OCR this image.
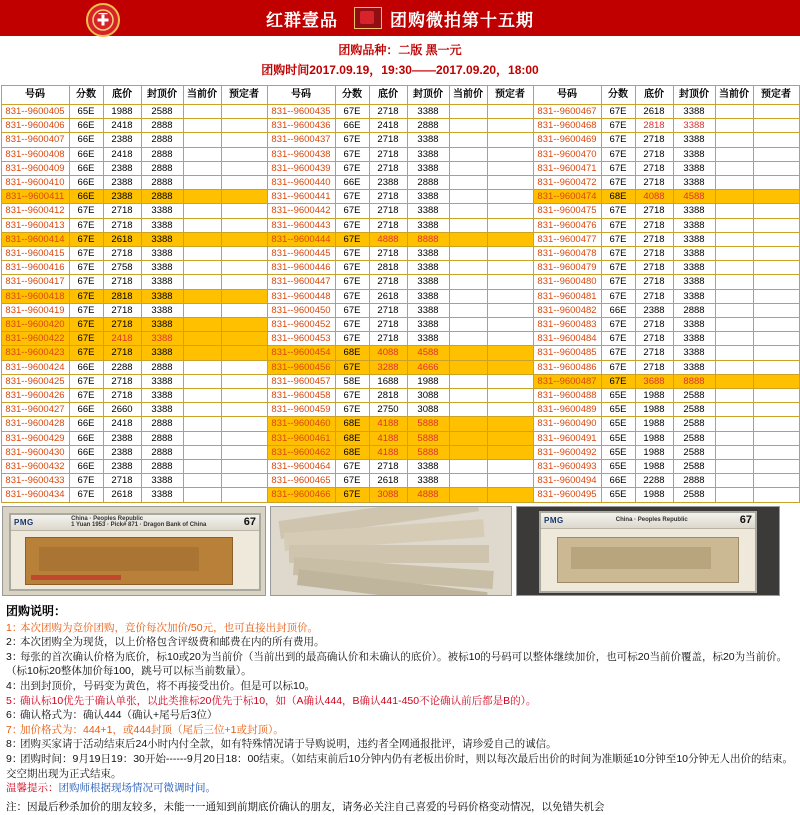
红群壹品	团购微拍第十五期
团购品种：二版 黑一元
团购时间2017.09.19，19:30——2017.09.20，18:00
号码	分数	底价	封顶价	当前价	预定者	号码	分数	底价	封顶价	当前价	预定者	号码	分数	底价	封顶价	当前价	预定者
831--9600405	65E	1988	2588			831--9600435	67E	2718	3388			831--9600467	67E	2618	3388		
831--9600406	66E	2418	2888			831--9600436	66E	2418	2888			831--9600468	67E	2818	3388		
831--9600407	66E	2388	2888			831--9600437	67E	2718	3388			831--9600469	67E	2718	3388		
831--9600408	66E	2418	2888			831--9600438	67E	2718	3388			831--9600470	67E	2718	3388		
831--9600409	66E	2388	2888			831--9600439	67E	2718	3388			831--9600471	67E	2718	3388		
831--9600410	66E	2388	2888			831--9600440	66E	2388	2888			831--9600472	67E	2718	3388		
831--9600411	66E	2388	2888			831--9600441	67E	2718	3388			831--9600474	68E	4088	4588		
831--9600412	67E	2718	3388			831--9600442	67E	2718	3388			831--9600475	67E	2718	3388		
831--9600413	67E	2718	3388			831--9600443	67E	2718	3388			831--9600476	67E	2718	3388		
831--9600414	67E	2618	3388			831--9600444	67E	4888	8888			831--9600477	67E	2718	3388		
831--9600415	67E	2718	3388			831--9600445	67E	2718	3388			831--9600478	67E	2718	3388		
831--9600416	67E	2758	3388			831--9600446	67E	2818	3388			831--9600479	67E	2718	3388		
831--9600417	67E	2718	3388			831--9600447	67E	2718	3388			831--9600480	67E	2718	3388		
831--9600418	67E	2818	3388			831--9600448	67E	2618	3388			831--9600481	67E	2718	3388		
831--9600419	67E	2718	3388			831--9600450	67E	2718	3388			831--9600482	66E	2388	2888		
831--9600420	67E	2718	3388			831--9600452	67E	2718	3388			831--9600483	67E	2718	3388		
831--9600422	67E	2418	3388			831--9600453	67E	2718	3388			831--9600484	67E	2718	3388		
831--9600423	67E	2718	3388			831--9600454	68E	4088	4588			831--9600485	67E	2718	3388		
831--9600424	66E	2288	2888			831--9600456	67E	3288	4666			831--9600486	67E	2718	3388		
831--9600425	67E	2718	3388			831--9600457	58E	1688	1988			831--9600487	67E	3688	8888		
831--9600426	67E	2718	3388			831--9600458	67E	2818	3088			831--9600488	65E	1988	2588		
831--9600427	66E	2660	3388			831--9600459	67E	2750	3088			831--9600489	65E	1988	2588		
831--9600428	66E	2418	2888			831--9600460	68E	4188	5888			831--9600490	65E	1988	2588		
831--9600429	66E	2388	2888			831--9600461	68E	4188	5888			831--9600491	65E	1988	2588		
831--9600430	66E	2388	2888			831--9600462	68E	4188	5888			831--9600492	65E	1988	2588		
831--9600432	66E	2388	2888			831--9600464	67E	2718	3388			831--9600493	65E	1988	2588		
831--9600433	67E	2718	3388			831--9600465	67E	2618	3388			831--9600494	66E	2288	2888		
831--9600434	67E	2618	3388			831--9600466	67E	3088	4888			831--9600495	65E	1988	2588		
PMG	China · Peoples Republic
1 Yuan 1953 · Pick# 871 · Dragon Bank of China	67	PMG	China · Peoples Republic	67
团购说明：
1：本次团购为竞价团购，竞价每次加价/50元，也可直接出封顶价。
2：本次团购全为现货，以上价格包含评级费和邮费在内的所有费用。
3：每张的首次确认价格为底价，标10或20为当前价（当前出到的最高确认价和未确认的底价）。被标10的号码可以整体继续加价，也可标20当前价覆盖，标20为当前价。（标10标20整体加价每100，跳号可以标当前数量）。
4：出到封顶价，号码变为黄色，将不再接受出价。但是可以标10。
5：确认标10优先于确认单张，以此类推标20优先于标10，如（A确认444，B确认441-450不论确认前后都是B的）。
6：确认格式为：确认444（确认+尾号后3位）
7：加价格式为：444+1，或444封顶（尾后三位+1或封顶）。
8：团购买家请于活动结束后24小时内付全款，如有特殊情况请于导购说明，违约者全网通报批评，请珍爱自己的诚信。
9：团购时间：9月19日19：30开始------9月20日18：00结束。（如结束前后10分钟内仍有老板出价时，则以每次最后出价的时间为准顺延10分钟至10分钟无人出价的结束。交空期出现为正式结束。
温馨提示：团购师根据现场情况可微调时间。
注：因最后秒杀加价的朋友较多，未能一一通知到前期底价确认的朋友，请务必关注自己喜爱的号码价格变动情况，以免错失机会
